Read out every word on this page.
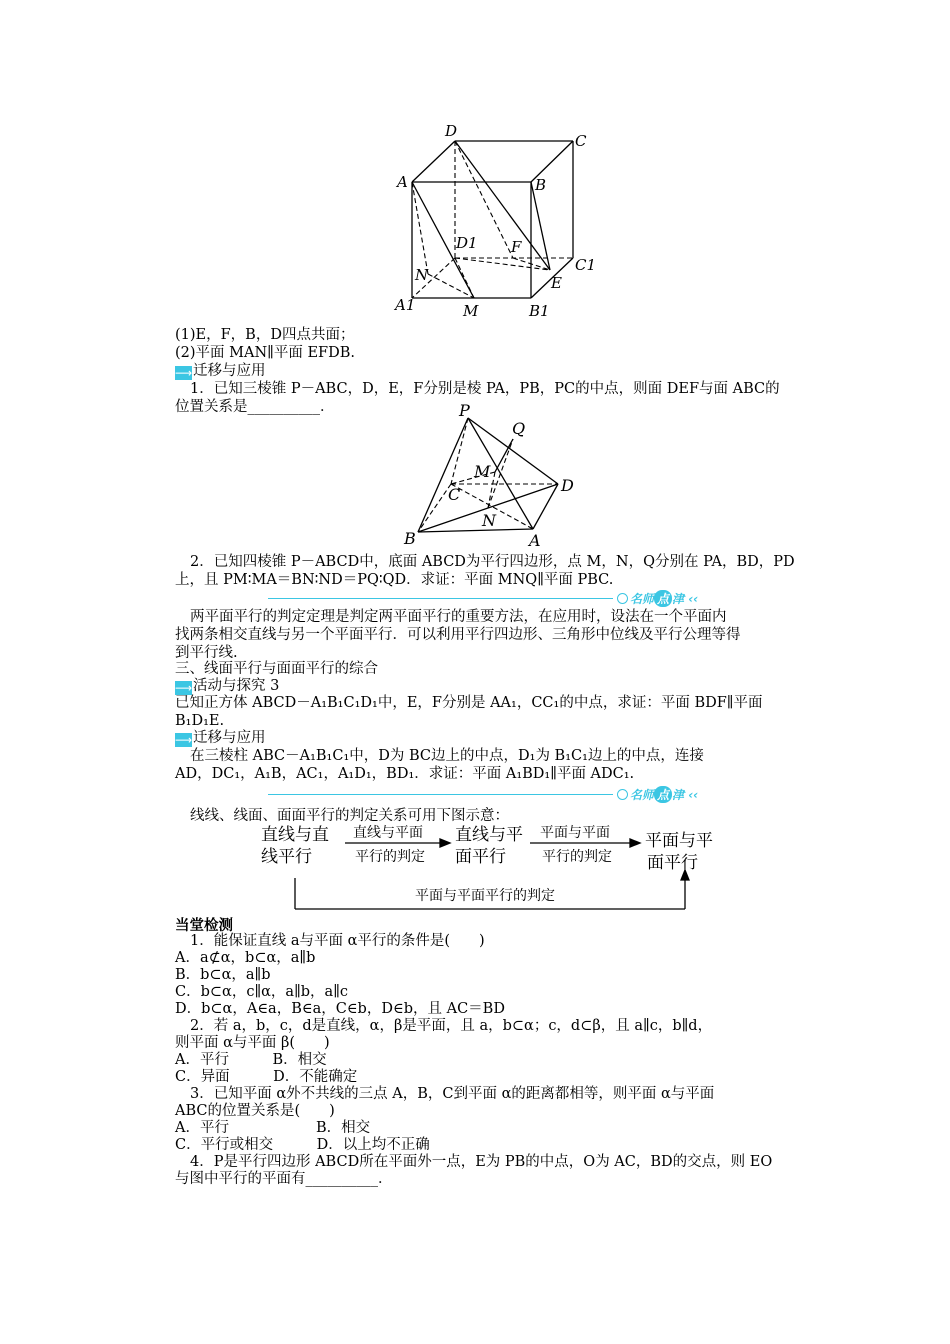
D
C
A	B
D1 F
C1
N	E
A1	M	B1
(1)E，F，B，D四点共面；
(2)平面 MAN∥平面 EFDB.
⟶迁移与应用
1．已知三棱锥 P－ABC，D，E，F分别是棱 PA，PB，PC的中点，则面 DEF与面 ABC的
位置关系是__________．	P
Q
M
C	D
N
B	A
2．已知四棱锥 P－ABCD中，底面 ABCD为平行四边形，点 M，N，Q分别在 PA，BD，PD
上，且 PM∶MA＝BN∶ND＝PQ∶QD．求证：平面 MNQ∥平面 PBC.
名师 点 津 ‹‹
两平面平行的判定定理是判定两平面平行的重要方法，在应用时，设法在一个平面内
找两条相交直线与另一个平面平行．可以利用平行四边形、三角形中位线及平行公理等得
到平行线.
三、线面平行与面面平行的综合
⟶活动与探究 3
已知正方体 ABCD－A₁B₁C₁D₁中，E，F分别是 AA₁，CC₁的中点，求证：平面 BDF∥平面
B₁D₁E.
⟶迁移与应用
在三棱柱 ABC－A₁B₁C₁中，D为 BC边上的中点，D₁为 B₁C₁边上的中点，连接
AD，DC₁，A₁B，AC₁，A₁D₁，BD₁．求证：平面 A₁BD₁∥平面 ADC₁.
名师 点 津 ‹‹
线线、线面、面面平行的判定关系可用下图示意：
直线与直
线平行
直线与平
面平行
平面与平
面平行
直线与平面
平行的判定
平面与平面
平行的判定
平面与平面平行的判定
当堂检测
1．能保证直线 a与平面 α平行的条件是(　　)
A．a⊄α，b⊂α，a∥b
B．b⊂α，a∥b
C．b⊂α，c∥α，a∥b，a∥c
D．b⊂α，A∈a，B∈a，C∈b，D∈b，且 AC＝BD
2．若 a，b，c，d是直线，α，β是平面，且 a，b⊂α；c，d⊂β，且 a∥c，b∥d，
则平面 α与平面 β(　　)
A．平行　　　B．相交
C．异面　　　D．不能确定
3．已知平面 α外不共线的三点 A，B，C到平面 α的距离都相等，则平面 α与平面
ABC的位置关系是(　　)
A．平行　　　　　　B．相交
C．平行或相交　　　D．以上均不正确
4．P是平行四边形 ABCD所在平面外一点，E为 PB的中点，O为 AC，BD的交点，则 EO
与图中平行的平面有__________．
